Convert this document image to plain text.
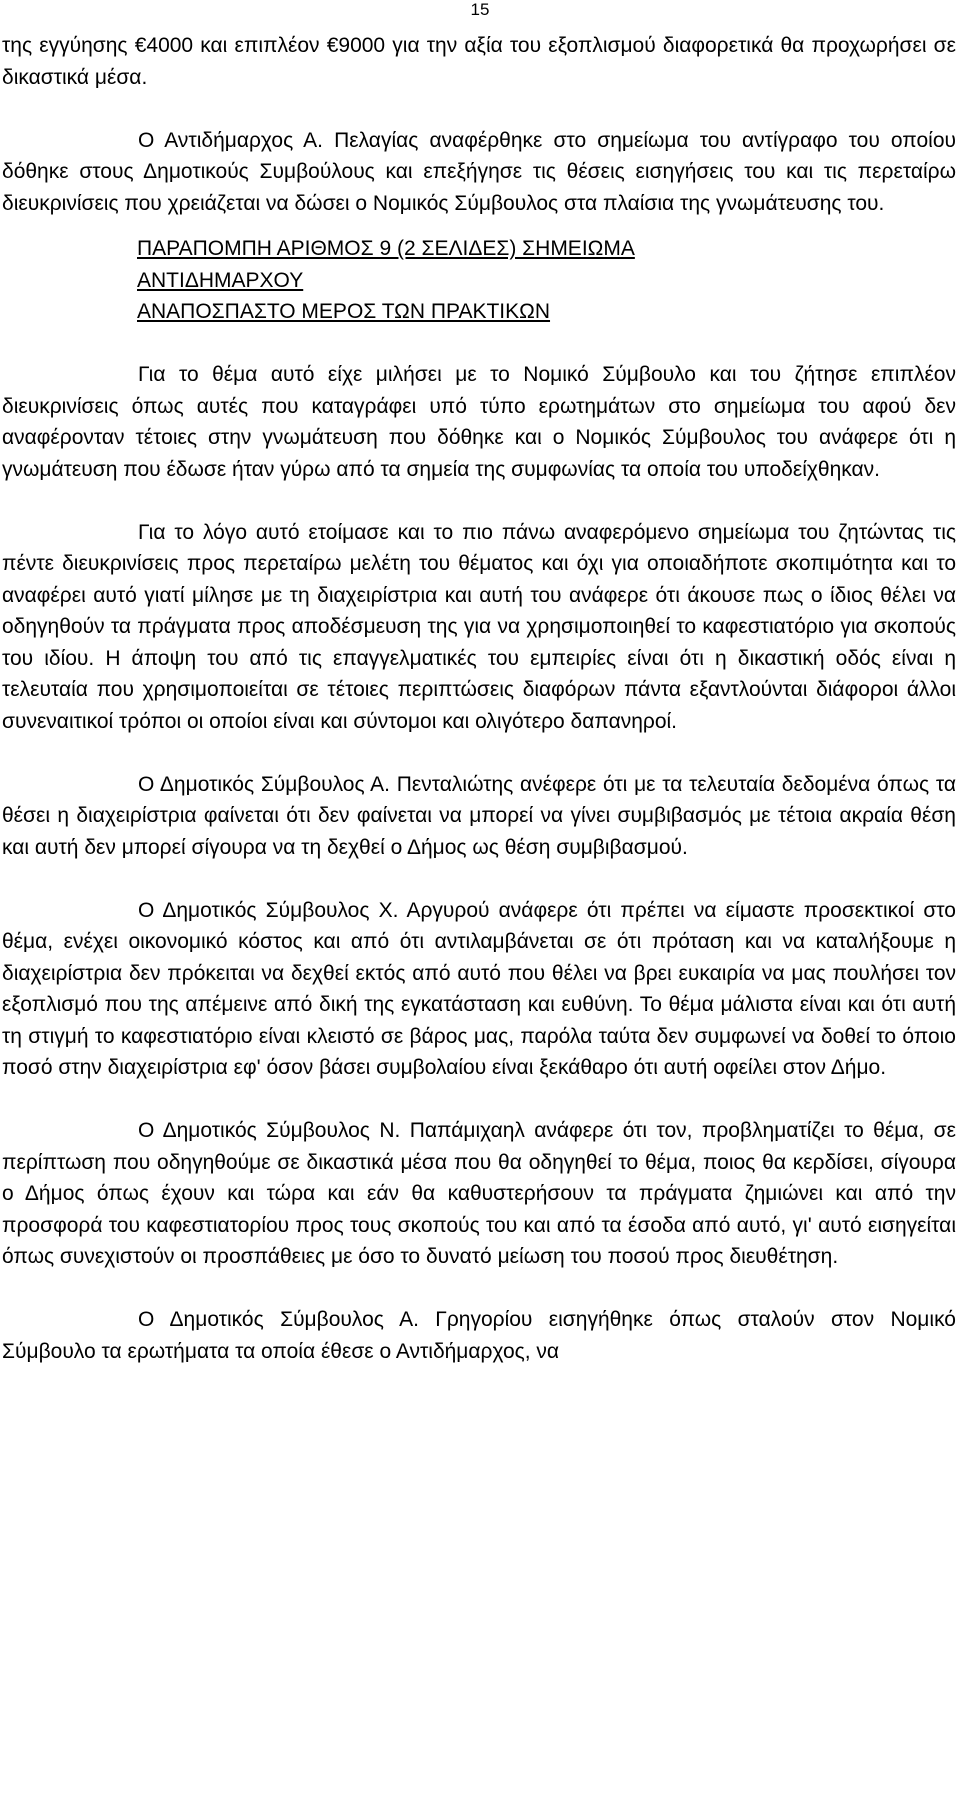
15

της εγγύησης €4000 και επιπλέον €9000 για την αξία του εξοπλισμού διαφορετικά θα προχωρήσει σε δικαστικά μέσα.

Ο Αντιδήμαρχος Α. Πελαγίας αναφέρθηκε στο σημείωμα του αντίγραφο του οποίου δόθηκε στους Δημοτικούς Συμβούλους και επεξήγησε τις θέσεις εισηγήσεις του και τις περεταίρω διευκρινίσεις που χρειάζεται να δώσει ο Νομικός Σύμβουλος στα πλαίσια της γνωμάτευσης του.

ΠΑΡΑΠΟΜΠΗ ΑΡΙΘΜΟΣ 9 (2 ΣΕΛΙΔΕΣ) ΣΗΜΕΙΩΜΑ
ΑΝΤΙΔΗΜΑΡΧΟΥ
ΑΝΑΠΟΣΠΑΣΤΟ ΜΕΡΟΣ ΤΩΝ ΠΡΑΚΤΙΚΩΝ

Για το θέμα αυτό είχε μιλήσει με το Νομικό Σύμβουλο και του ζήτησε επιπλέον διευκρινίσεις όπως αυτές που καταγράφει υπό τύπο ερωτημάτων στο σημείωμα του αφού δεν αναφέρονταν τέτοιες στην γνωμάτευση που δόθηκε και ο Νομικός Σύμβουλος του ανάφερε ότι η γνωμάτευση που έδωσε ήταν γύρω από τα σημεία της συμφωνίας τα οποία του υποδείχθηκαν.

Για το λόγο αυτό ετοίμασε και το πιο πάνω αναφερόμενο σημείωμα του ζητώντας τις πέντε διευκρινίσεις προς περεταίρω μελέτη του θέματος και όχι για οποιαδήποτε σκοπιμότητα και το αναφέρει αυτό γιατί μίλησε με τη διαχειρίστρια και αυτή του ανάφερε ότι άκουσε πως ο ίδιος θέλει να οδηγηθούν τα πράγματα προς αποδέσμευση της για να χρησιμοποιηθεί το καφεστιατόριο για σκοπούς του ιδίου. Η άποψη του από τις επαγγελματικές του εμπειρίες είναι ότι η δικαστική οδός είναι η τελευταία που χρησιμοποιείται σε τέτοιες περιπτώσεις διαφόρων πάντα εξαντλούνται διάφοροι άλλοι συνεναιτικοί τρόποι οι οποίοι είναι και σύντομοι και ολιγότερο δαπανηροί.

Ο Δημοτικός Σύμβουλος Α. Πενταλιώτης ανέφερε ότι με τα τελευταία δεδομένα όπως τα θέσει η διαχειρίστρια φαίνεται ότι δεν φαίνεται να μπορεί να γίνει συμβιβασμός με τέτοια ακραία θέση και αυτή δεν μπορεί σίγουρα να τη δεχθεί ο Δήμος ως θέση συμβιβασμού.

Ο Δημοτικός Σύμβουλος Χ. Αργυρού ανάφερε ότι πρέπει να είμαστε προσεκτικοί στο θέμα, ενέχει οικονομικό κόστος και από ότι αντιλαμβάνεται σε ότι πρόταση και να καταλήξουμε η διαχειρίστρια δεν πρόκειται να δεχθεί εκτός από αυτό που θέλει να βρει ευκαιρία να μας πουλήσει τον εξοπλισμό που της απέμεινε από δική της εγκατάσταση και ευθύνη. Το θέμα μάλιστα είναι και ότι αυτή τη στιγμή το καφεστιατόριο είναι κλειστό σε βάρος μας, παρόλα ταύτα δεν συμφωνεί να δοθεί το όποιο ποσό στην διαχειρίστρια εφ' όσον βάσει συμβολαίου είναι ξεκάθαρο ότι αυτή οφείλει στον Δήμο.

Ο Δημοτικός Σύμβουλος Ν. Παπάμιχαηλ ανάφερε ότι τον, προβληματίζει το θέμα, σε περίπτωση που οδηγηθούμε σε δικαστικά μέσα που θα οδηγηθεί το θέμα, ποιος θα κερδίσει, σίγουρα ο Δήμος όπως έχουν και τώρα και εάν θα καθυστερήσουν τα πράγματα ζημιώνει και από την προσφορά του καφεστιατορίου προς τους σκοπούς του και από τα έσοδα από αυτό, γι' αυτό εισηγείται όπως συνεχιστούν οι προσπάθειες με όσο το δυνατό μείωση του ποσού προς διευθέτηση.

Ο Δημοτικός Σύμβουλος Α. Γρηγορίου εισηγήθηκε όπως σταλούν στον Νομικό Σύμβουλο τα ερωτήματα τα οποία έθεσε ο Αντιδήμαρχος, να
